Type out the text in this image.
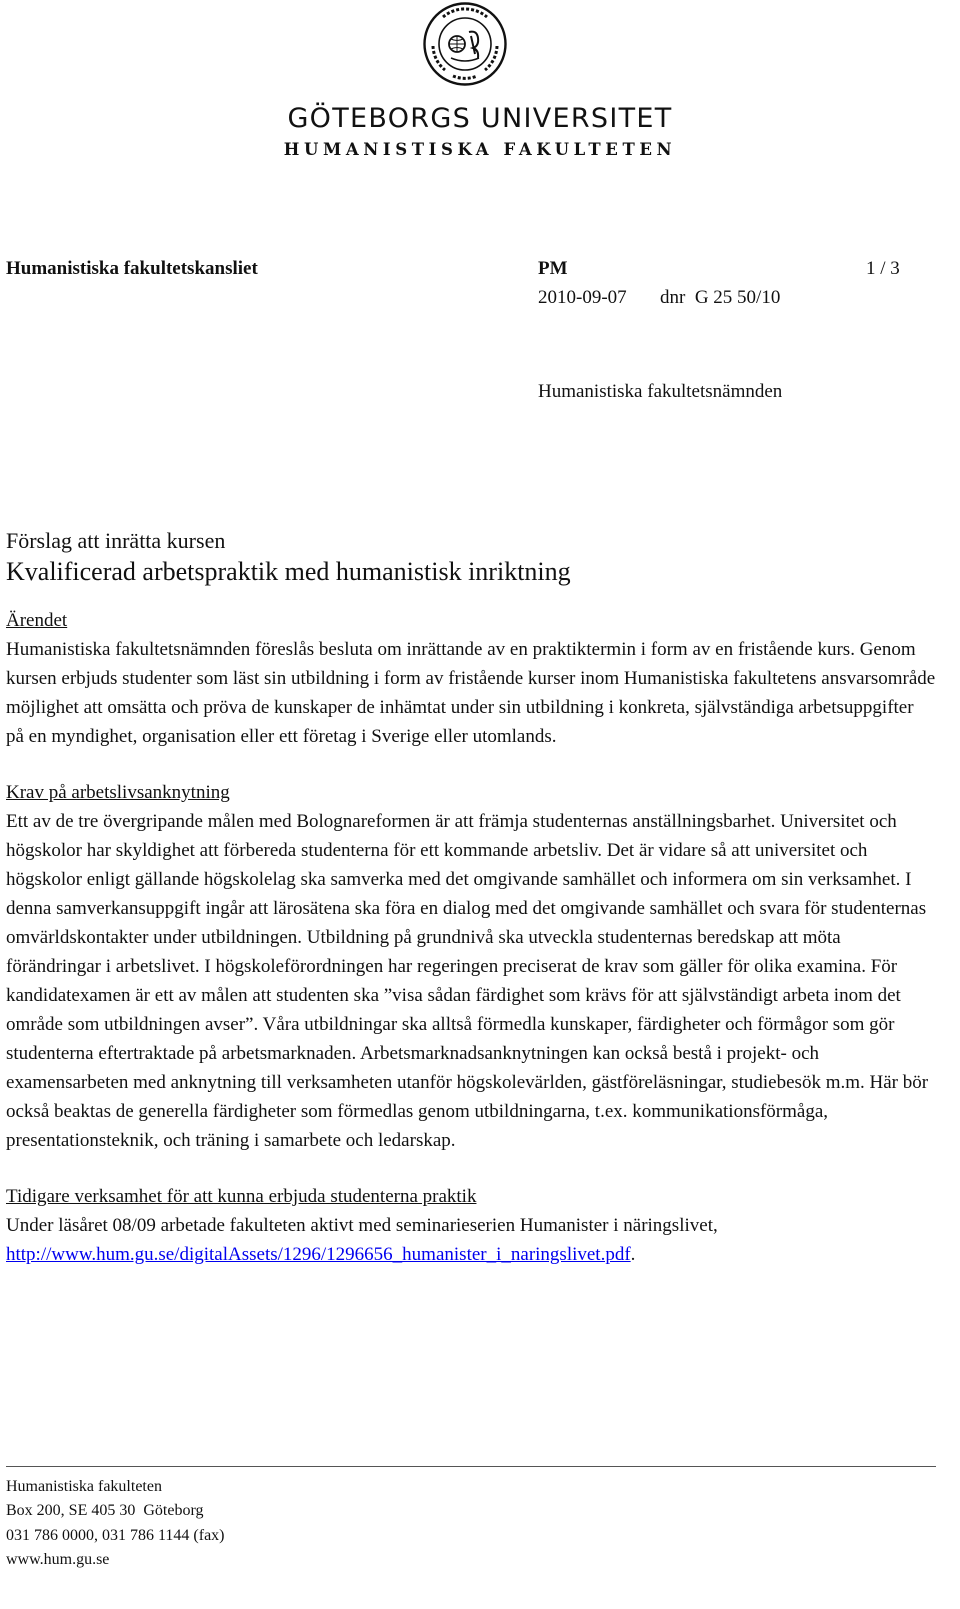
GÖTEBORGS UNIVERSITET
HUMANISTISKA FAKULTETEN
Humanistiska fakultetskansliet	PM	1 / 3
2010-09-07 dnr  G 25 50/10
Humanistiska fakultetsnämnden
Förslag att inrätta kursen
Kvalificerad arbetspraktik med humanistisk inriktning

Ärendet

Humanistiska fakultetsnämnden föreslås besluta om inrättande av en praktiktermin i form av en fristående kurs. Genom kursen erbjuds studenter som läst sin utbildning i form av fristående kurser inom Humanistiska fakultetens ansvarsområde möjlighet att omsätta och pröva de kunskaper de inhämtat under sin utbildning i konkreta, självständiga arbetsuppgifter på en myndighet, organisation eller ett företag i Sverige eller utomlands.

Krav på arbetslivsanknytning

Ett av de tre övergripande målen med Bolognareformen är att främja studenternas anställningsbarhet. Universitet och högskolor har skyldighet att förbereda studenterna för ett kommande arbetsliv. Det är vidare så att universitet och högskolor enligt gällande högskolelag ska samverka med det omgivande samhället och informera om sin verksamhet. I denna samverkansuppgift ingår att lärosätena ska föra en dialog med det omgivande samhället och svara för studenternas omvärldskontakter under utbildningen. Utbildning på grundnivå ska utveckla studenternas beredskap att möta förändringar i arbetslivet. I högskoleförordningen har regeringen preciserat de krav som gäller för olika examina. För kandidatexamen är ett av målen att studenten ska ”visa sådan färdighet som krävs för att självständigt arbeta inom det område som utbildningen avser”. Våra utbildningar ska alltså förmedla kunskaper, färdigheter och förmågor som gör studenterna eftertraktade på arbetsmarknaden. Arbetsmarknadsanknytningen kan också bestå i projekt- och examensarbeten med anknytning till verksamheten utanför högskolevärlden, gästföreläsningar, studiebesök m.m. Här bör också beaktas de generella färdigheter som förmedlas genom utbildningarna, t.ex. kommunikationsförmåga, presentationsteknik, och träning i samarbete och ledarskap.

Tidigare verksamhet för att kunna erbjuda studenterna praktik

Under läsåret 08/09 arbetade fakulteten aktivt med seminarieserien Humanister i näringslivet,
http://www.hum.gu.se/digitalAssets/1296/1296656_humanister_i_naringslivet.pdf.

Humanistiska fakulteten
Box 200, SE 405 30  Göteborg
031 786 0000, 031 786 1144 (fax)
www.hum.gu.se
